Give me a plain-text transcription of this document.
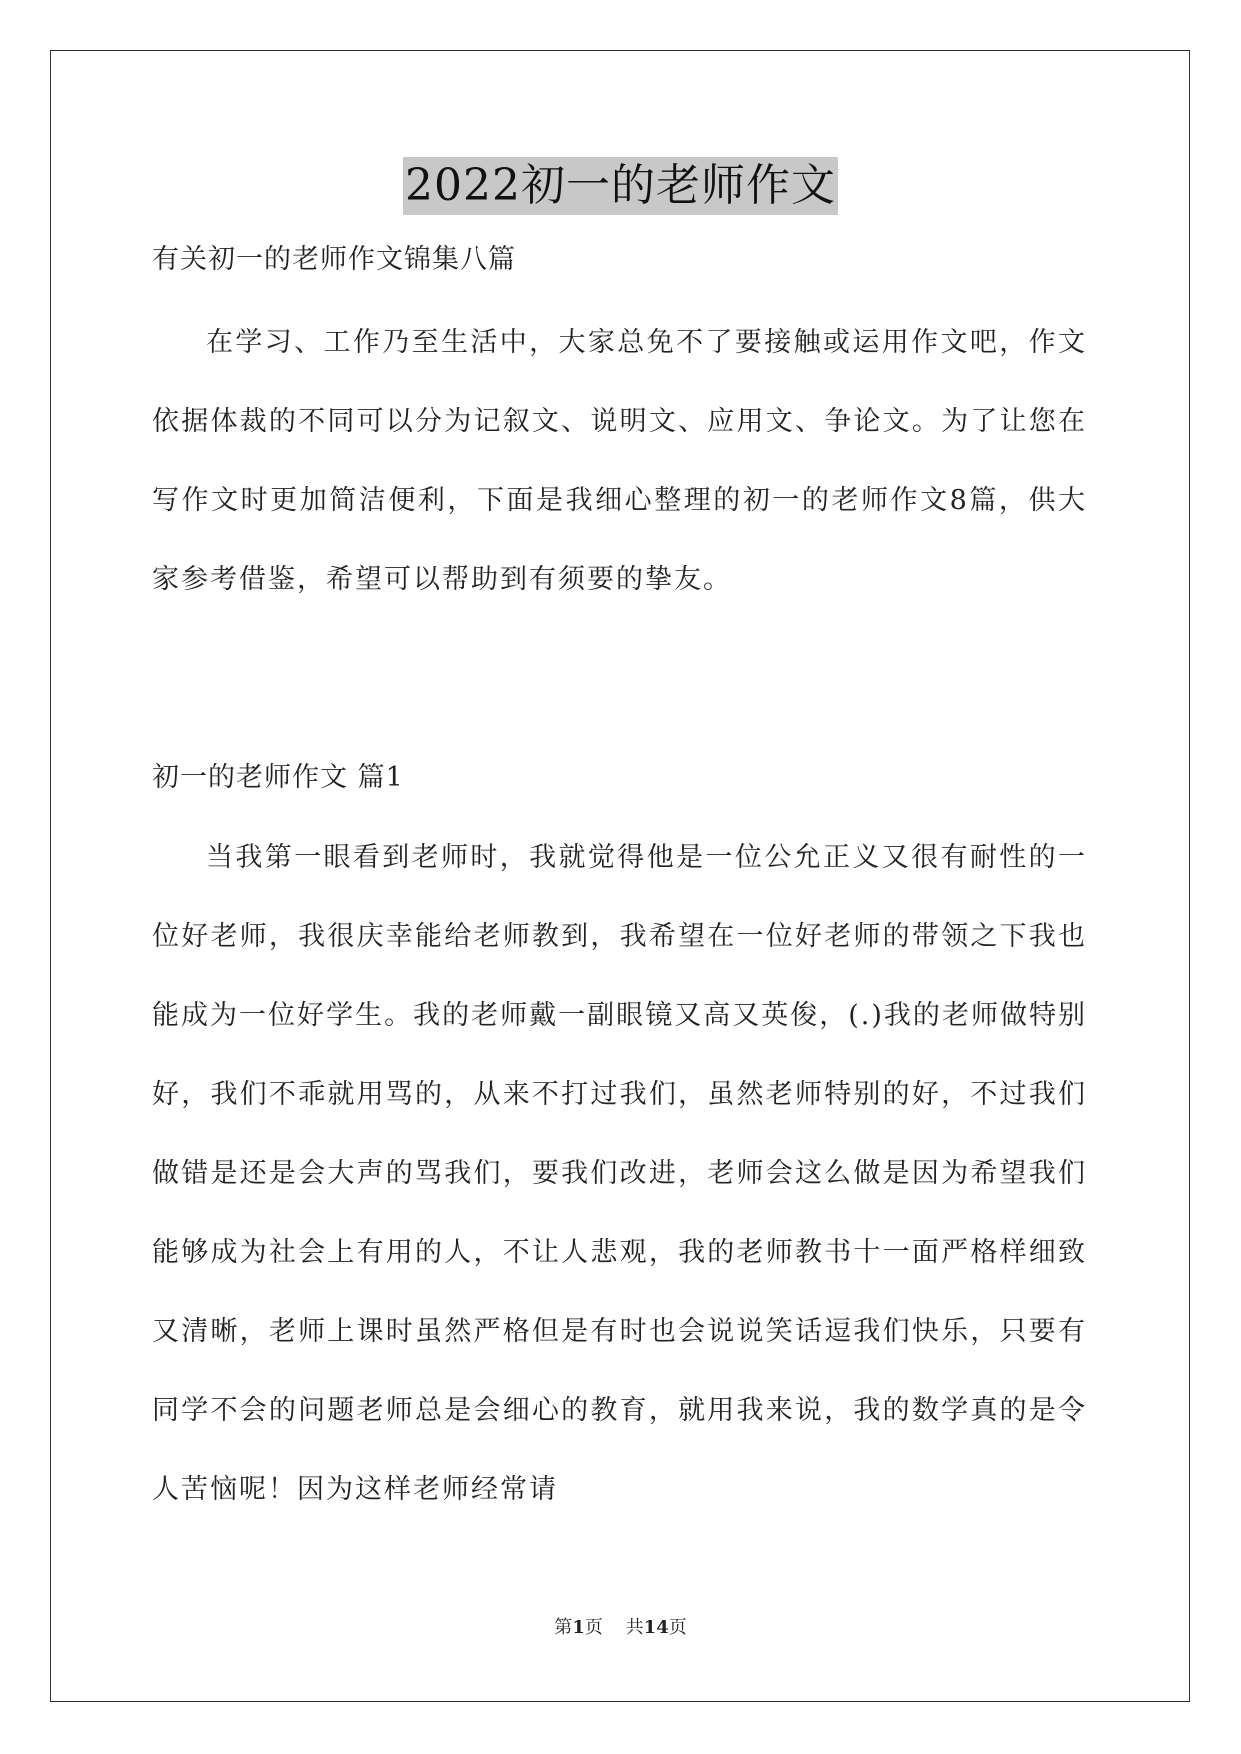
2022初一的老师作文

有关初一的老师作文锦集八篇

在学习、工作乃至生活中，大家总免不了要接触或运用作文吧，作文依据体裁的不同可以分为记叙文、说明文、应用文、争论文。为了让您在写作文时更加简洁便利，下面是我细心整理的初一的老师作文8篇，供大家参考借鉴，希望可以帮助到有须要的挚友。

初一的老师作文 篇1

当我第一眼看到老师时，我就觉得他是一位公允正义又很有耐性的一位好老师，我很庆幸能给老师教到，我希望在一位好老师的带领之下我也能成为一位好学生。我的老师戴一副眼镜又高又英俊，(.)我的老师做特别好，我们不乖就用骂的，从来不打过我们，虽然老师特别的好，不过我们做错是还是会大声的骂我们，要我们改进，老师会这么做是因为希望我们能够成为社会上有用的人，不让人悲观，我的老师教书十一面严格样细致又清晰，老师上课时虽然严格但是有时也会说说笑话逗我们快乐，只要有同学不会的问题老师总是会细心的教育，就用我来说，我的数学真的是令人苦恼呢！因为这样老师经常请

第1页 共14页
